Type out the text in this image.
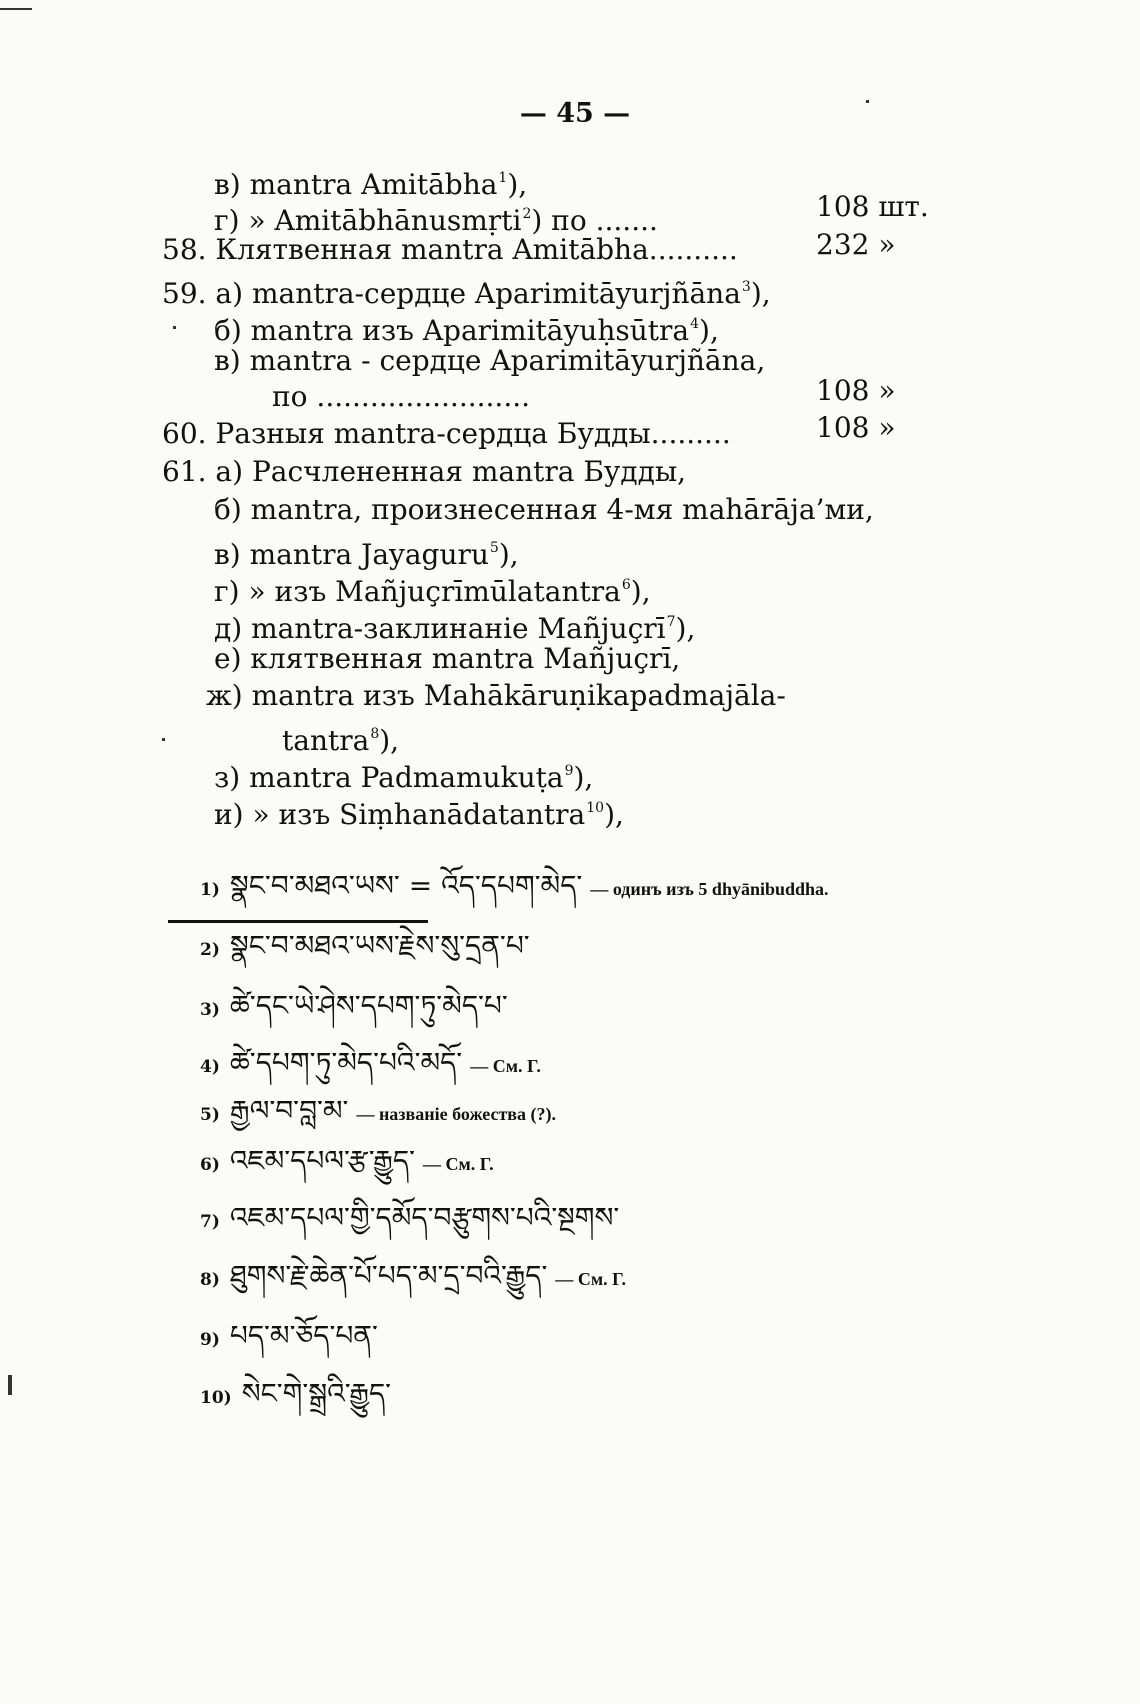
— 45 —
в) mantra Amitābha$^1$),
г) » Amitābhānusmṛti$^2$) по .......
58. Клятвенная mantra Amitābha..........
59. a) mantra-сердце Aparimitāyurjñāna$^3$),
б) mantra изъ Aparimitāyuḥsūtra$^4$),
в) mantra - сердце Aparimitāyurjñāna,
по ........................
60. Разныя mantra-сердца Будды.........
61. a) Расчлененная mantra Будды,
б) mantra, произнесенная 4-мя mahārāja’ми,
в) mantra Jayaguru$^5$),
г) » изъ Mañjuçrīmūlatantra$^6$),
д) mantra-заклинаніе Mañjuçrī$^7$),
е) клятвенная mantra Mañjuçrī,
ж) mantra изъ Mahākāruṇikapadmajāla-
tantra$^8$),
з) mantra Padmamukuṭa$^9$),
и) » изъ Siṃhanādatantra$^{10}$),
108 шт.
232 »
108 »
108 »
1) སྣང་བ་མཐའ་ཡས་ = འོད་དཔག་མེད་ — одинъ изъ 5 dhyānibuddha.
2) སྣང་བ་མཐའ་ཡས་རྗེས་སུ་དྲན་པ་
3) ཚེ་དང་ཡེ་ཤེས་དཔག་ཏུ་མེད་པ་
4) ཚེ་དཔག་ཏུ་མེད་པའི་མདོ་ — См. Г.
5) རྒྱལ་བ་བླ་མ་ — названіе божества (?).
6) འཇམ་དཔལ་རྩ་རྒྱུད་ — См. Г.
7) འཇམ་དཔལ་གྱི་དམོད་བརྩུགས་པའི་སྔགས་
8) ཐུགས་རྗེ་ཆེན་པོ་པད་མ་དྲ་བའི་རྒྱུད་ — См. Г.
9) པད་མ་ཅོད་པན་
10) སེང་གེ་སྒྲའི་རྒྱུད་
